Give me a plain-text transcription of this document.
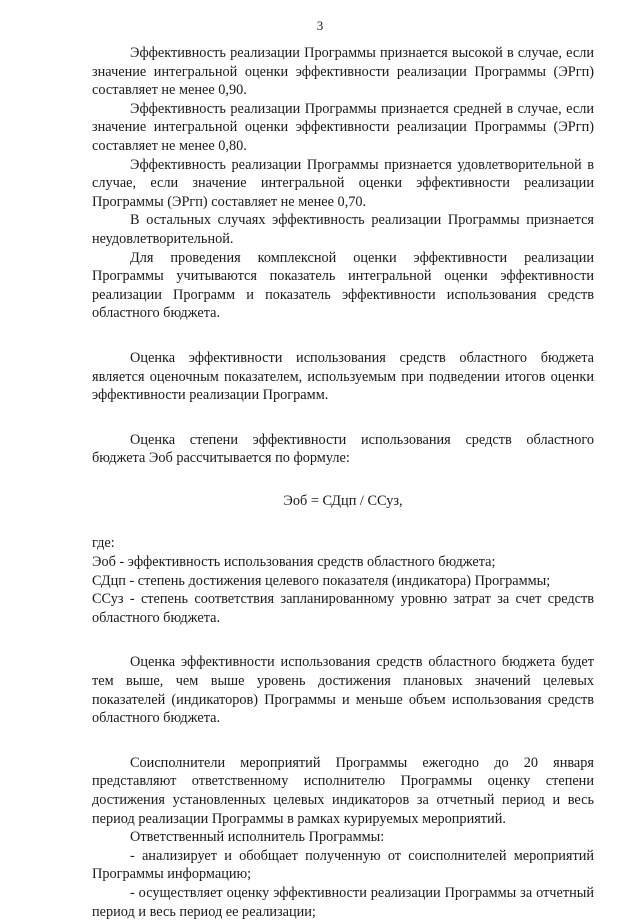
3

Эффективность реализации Программы признается высокой в случае, если значение интегральной оценки эффективности реализации Программы (ЭРгп) составляет не менее 0,90.

Эффективность реализации Программы признается средней в случае, если значение интегральной оценки эффективности реализации Программы (ЭРгп) составляет не менее 0,80.

Эффективность реализации Программы признается удовлетворительной в случае, если значение интегральной оценки эффективности реализации Программы (ЭРгп) составляет не менее 0,70.

В остальных случаях эффективность реализации Программы признается неудовлетворительной.

Для проведения комплексной оценки эффективности реализации Программы учитываются показатель интегральной оценки эффективности реализации Программ и показатель эффективности использования средств областного бюджета.

Оценка эффективности использования средств областного бюджета является оценочным показателем, используемым при подведении итогов оценки эффективности реализации Программ.

Оценка степени эффективности использования средств областного бюджета Эоб рассчитывается по формуле:

Эоб = СДцп / ССуз,

где:

Эоб - эффективность использования средств областного бюджета;

СДцп - степень достижения целевого показателя (индикатора) Программы;

ССуз - степень соответствия запланированному уровню затрат за счет средств областного бюджета.

Оценка эффективности использования средств областного бюджета будет тем выше, чем выше уровень достижения плановых значений целевых показателей (индикаторов) Программы и меньше объем использования средств областного бюджета.

Соисполнители мероприятий Программы ежегодно до 20 января представляют ответственному исполнителю Программы оценку степени достижения установленных целевых индикаторов за отчетный период и весь период реализации Программы в рамках курируемых мероприятий.

Ответственный исполнитель Программы:

- анализирует и обобщает полученную от соисполнителей мероприятий Программы информацию;

- осуществляет оценку эффективности реализации Программы за отчетный период и весь период ее реализации;
